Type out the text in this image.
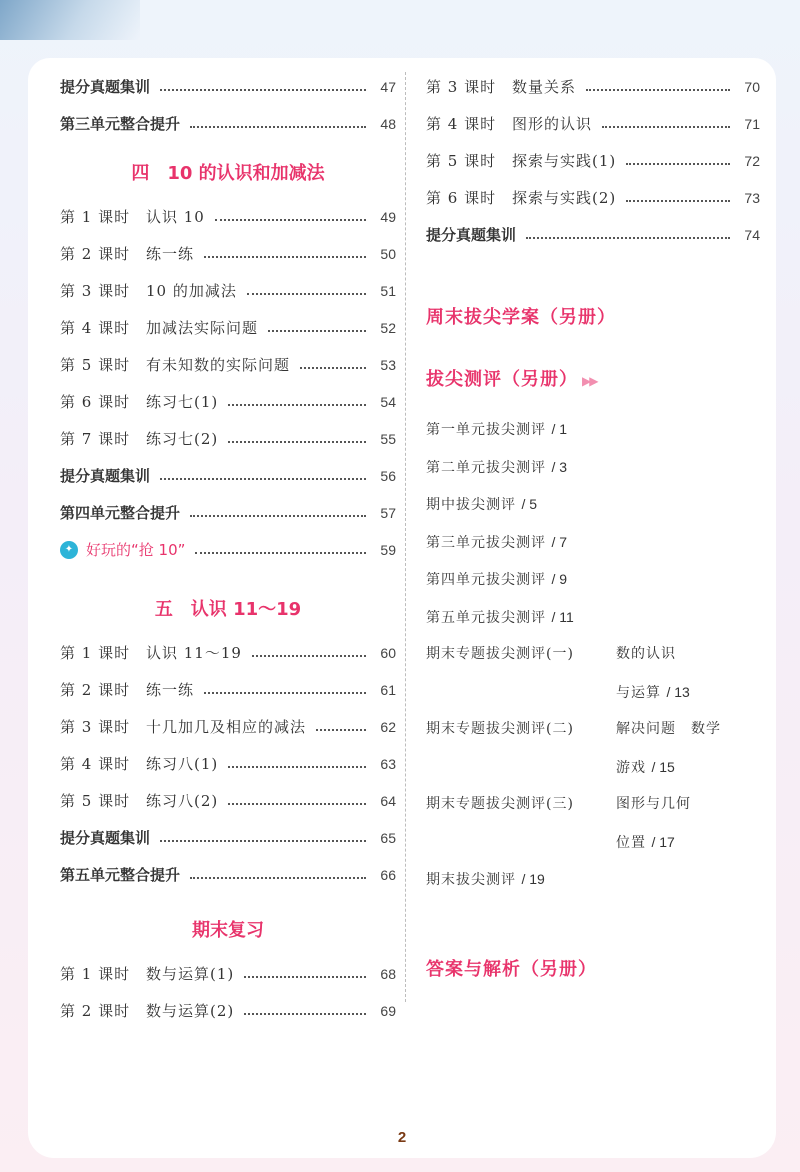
提分真题集训	47
第三单元整合提升	48
四　10 的认识和加减法
第 1 课时	认识 10	49
第 2 课时	练一练	50
第 3 课时	10 的加减法	51
第 4 课时	加减法实际问题	52
第 5 课时	有未知数的实际问题	53
第 6 课时	练习七(1)	54
第 7 课时	练习七(2)	55
提分真题集训	56
第四单元整合提升	57
✦ 好玩的“抢 10”	59
五　认识 11～19
第 1 课时	认识 11～19	60
第 2 课时	练一练	61
第 3 课时	十几加几及相应的减法	62
第 4 课时	练习八(1)	63
第 5 课时	练习八(2)	64
提分真题集训	65
第五单元整合提升	66
期末复习
第 1 课时	数与运算(1)	68
第 2 课时	数与运算(2)	69
第 3 课时	数量关系	70
第 4 课时	图形的认识	71
第 5 课时	探索与实践(1)	72
第 6 课时	探索与实践(2)	73
提分真题集训	74
周末拔尖学案（另册）
拔尖测评（另册） ▶▶
第一单元拔尖测评 / 1
第二单元拔尖测评 / 3
期中拔尖测评 / 5
第三单元拔尖测评 / 7
第四单元拔尖测评 / 9
第五单元拔尖测评 / 11
期末专题拔尖测评(一)	数的认识
与运算 / 13
期末专题拔尖测评(二)	解决问题　数学
游戏 / 15
期末专题拔尖测评(三)	图形与几何
位置 / 17
期末拔尖测评 / 19
答案与解析（另册）
2
